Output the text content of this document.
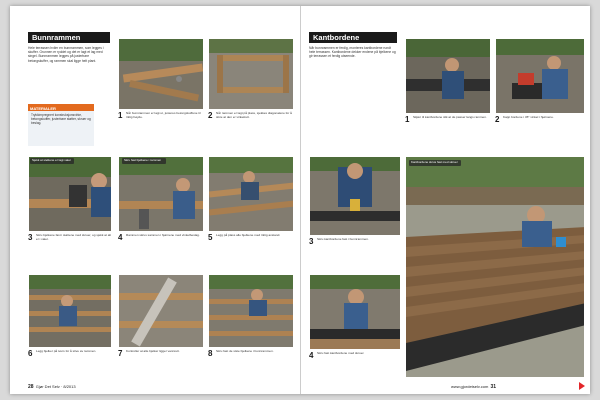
Bunnrammen
Hele terrassen hviler en bunnrammen, som legges i skuffer. Grunnen er ryddet og det er lagt et lag med singel. Bunnrammen legges på justerbare betongskuffer, og rammen skal ligge helt plant.
MATERIALER
Trykkimpregnert konstruksjonsvirke, betongskuffer, justerbare støtter, skruer og beslag.
1 Når bunnrammen er lagt ut, justeres betongskuffene til riktig høyde.	2 Når rammen er lagt på plass, sjekkes diagonalene for å sikre at den er vinkelrett.
Sjekk at støttene er lagt vater	Skru fast bjelkene i rammen
3 Skru bjelkene fast i støttene med skruer, og sjekk at alt er i vater.	4 Rammen skrus sammen i hjørnene med vinkelbeslag.	5 Legg på plass alle bjelkene med riktig avstand.
6 Legg bjelker på tvers for å stive av rammen.	7 Kontroller at alle bjelker ligger vannrett.	8 Skru fast de siste bjelkene i bunnrammen.
28 Gjør Det Selv · 8/2013
Kantbordene
Når bunnrammen er ferdig, monteres kantbordene rundt hele terrassen. Kantbordene dekker endene på bjelkene og gir terrassen et ferdig utseende.
1 Skjær til kantbordene slik at de passer langs rammen.	2 Kapp bordene i 45° vinkel i hjørnene.
3 Skru kantbordene fast i bunnrammen.
4 Skru fast kantbordene med skruer.
Kantbordene skrus fast med skruer
www.gjordetselv.com 31
